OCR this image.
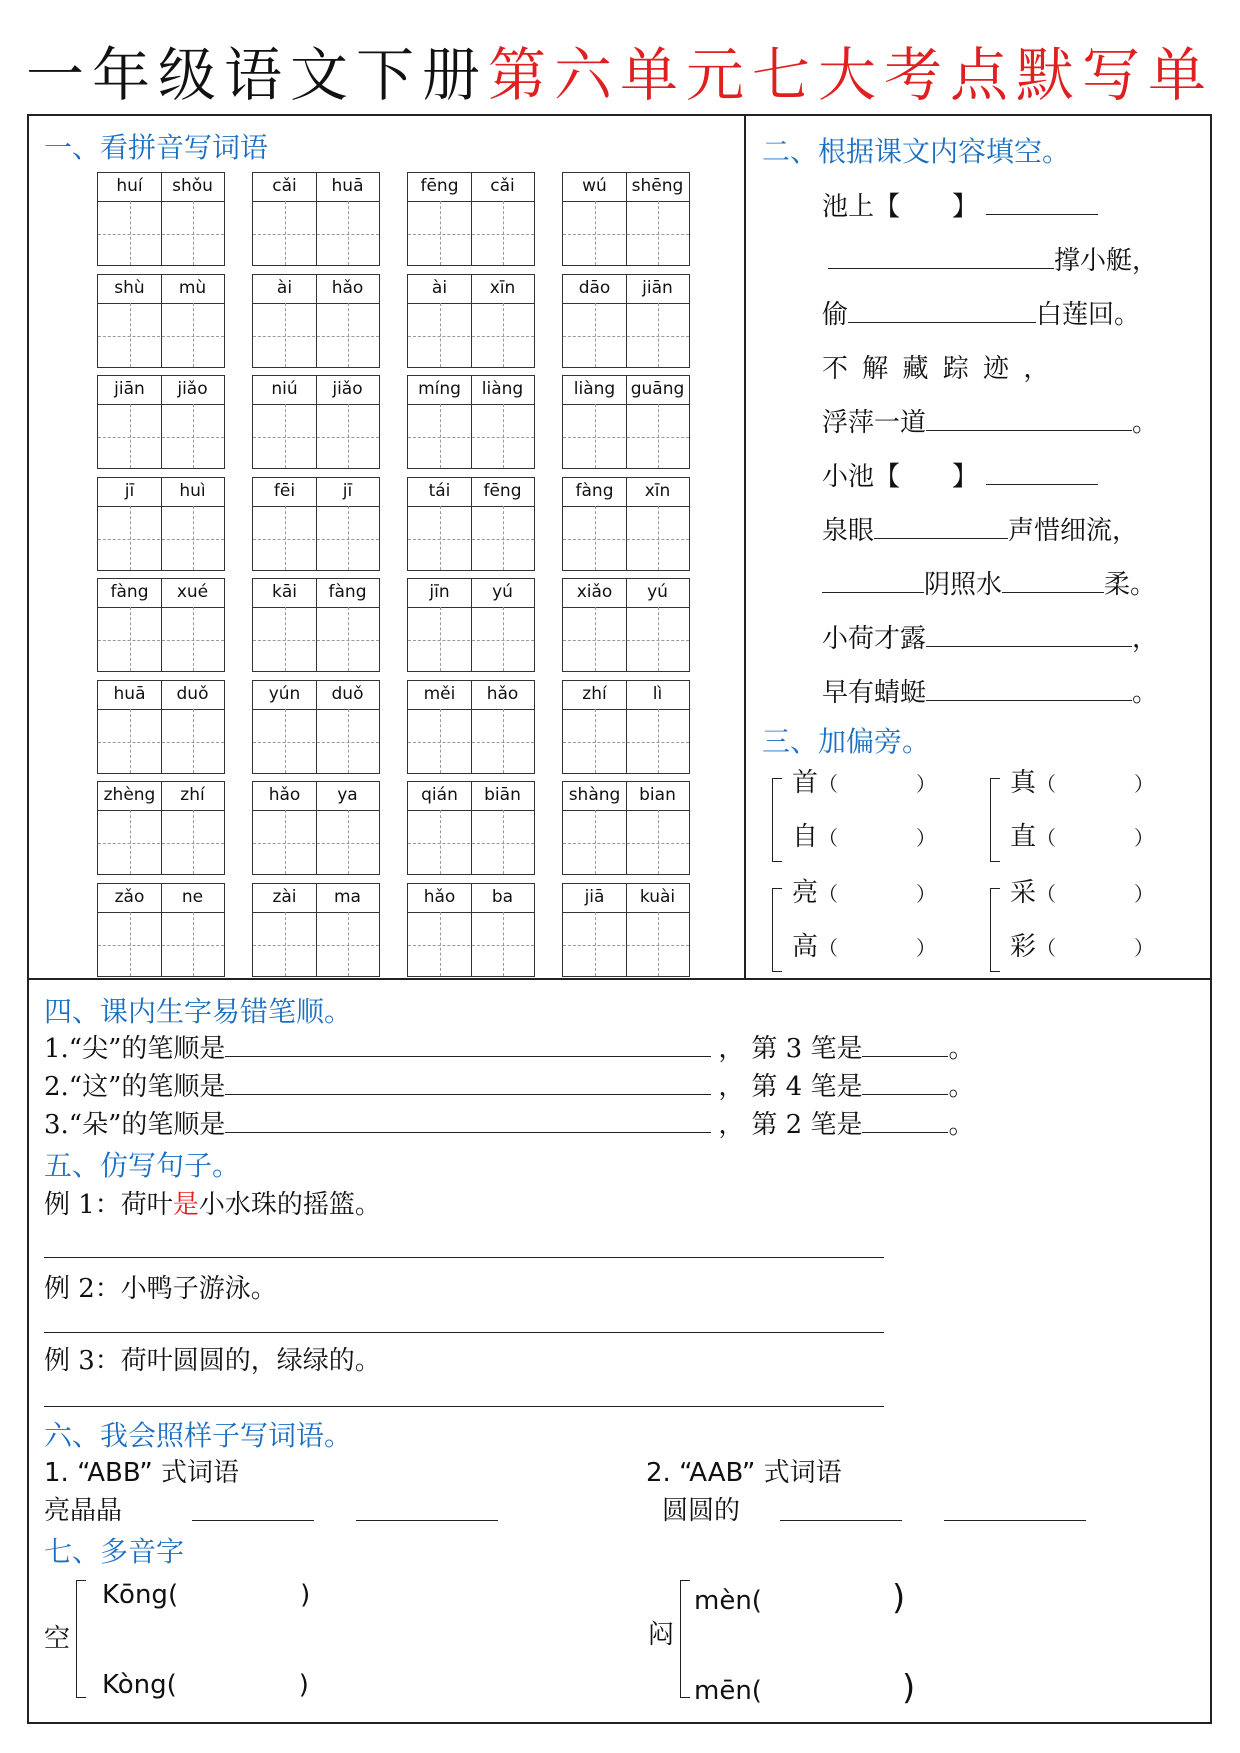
一年级语文下册第六单元七大考点默写单
一、看拼音写词语
huí	shǒu	cǎi	huā	fēng	cǎi	wú	shēng
shù	mù	ài	hǎo	ài	xīn	dāo	jiān
jiān	jiǎo	niú	jiǎo	míng	liàng	liàng guāng
jī	huì	fēi	jī	tái	fēng	fàng	xīn
fàng	xué	kāi	fàng	jīn	yú	xiǎo	yú
huā	duǒ	yún	duǒ	měi	hǎo	zhí	lì
zhèng	zhí	hǎo	ya	qián	biān	shàng	bian
zǎo	ne	zài	ma	hǎo	ba	jiā	kuài
二、根据课文内容填空。
池上【　　】
撑小艇，
偷	白莲回。
不 解 藏 踪 迹 ，
浮萍一道	。
小池【　　】
泉眼	声惜细流，
阴照水	柔。
小荷才露	，
早有蜻蜓	。
三、加偏旁。
首（	）
自（	）
真（	）
直（	）
亮（	）
高（	）
采（	）
彩（	）
四、课内生字易错笔顺。
1.“尖”的笔顺是	， 第 3 笔是	。
2.“这”的笔顺是	， 第 4 笔是	。
3.“朵”的笔顺是	， 第 2 笔是	。
五、仿写句子。
例 1：荷叶是小水珠的摇篮。
例 2：小鸭子游泳。
例 3：荷叶圆圆的，绿绿的。
六、我会照样子写词语。
1. “ABB” 式词语
亮晶晶
2. “AAB” 式词语
圆圆的
七、多音字
空
Kōng(	)
Kòng(	)
闷
mèn(	)
mēn(	)
